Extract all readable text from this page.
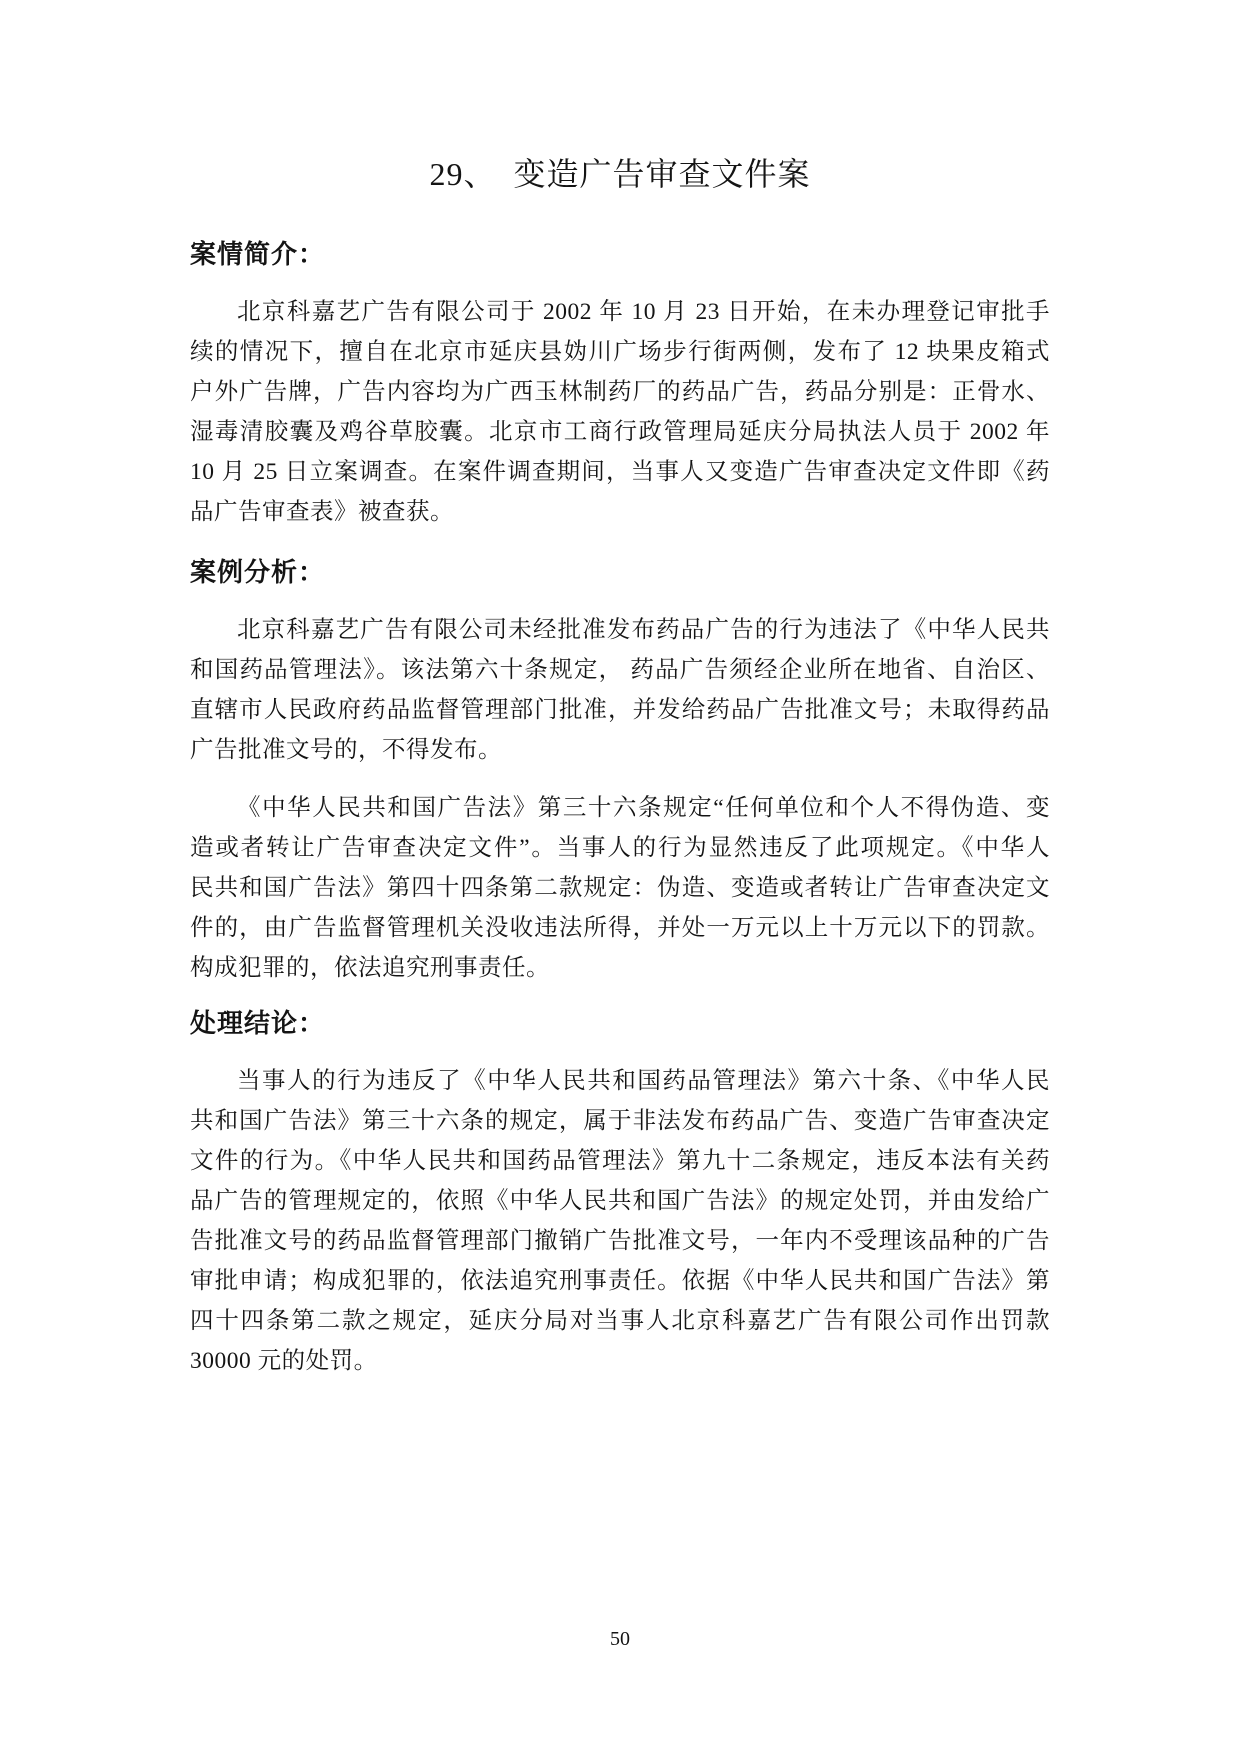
29、　变造广告审查文件案
案情简介：
北京科嘉艺广告有限公司于 2002 年 10 月 23 日开始，在未办理登记审批手
续的情况下，擅自在北京市延庆县妫川广场步行街两侧，发布了 12 块果皮箱式
户外广告牌，广告内容均为广西玉林制药厂的药品广告，药品分别是：正骨水、
湿毒清胶囊及鸡谷草胶囊。北京市工商行政管理局延庆分局执法人员于 2002 年
10 月 25 日立案调查。在案件调查期间，当事人又变造广告审查决定文件即《药
品广告审查表》被查获。
案例分析：
北京科嘉艺广告有限公司未经批准发布药品广告的行为违法了《中华人民共
和国药品管理法》。该法第六十条规定， 药品广告须经企业所在地省、自治区、
直辖市人民政府药品监督管理部门批准，并发给药品广告批准文号；未取得药品
广告批准文号的，不得发布。
《中华人民共和国广告法》第三十六条规定“任何单位和个人不得伪造、变
造或者转让广告审查决定文件”。当事人的行为显然违反了此项规定。《中华人
民共和国广告法》第四十四条第二款规定：伪造、变造或者转让广告审查决定文
件的，由广告监督管理机关没收违法所得，并处一万元以上十万元以下的罚款。
构成犯罪的，依法追究刑事责任。
处理结论：
当事人的行为违反了《中华人民共和国药品管理法》第六十条、《中华人民
共和国广告法》第三十六条的规定，属于非法发布药品广告、变造广告审查决定
文件的行为。《中华人民共和国药品管理法》第九十二条规定，违反本法有关药
品广告的管理规定的，依照《中华人民共和国广告法》的规定处罚，并由发给广
告批准文号的药品监督管理部门撤销广告批准文号，一年内不受理该品种的广告
审批申请；构成犯罪的，依法追究刑事责任。依据《中华人民共和国广告法》第
四十四条第二款之规定，延庆分局对当事人北京科嘉艺广告有限公司作出罚款
30000 元的处罚。
50
